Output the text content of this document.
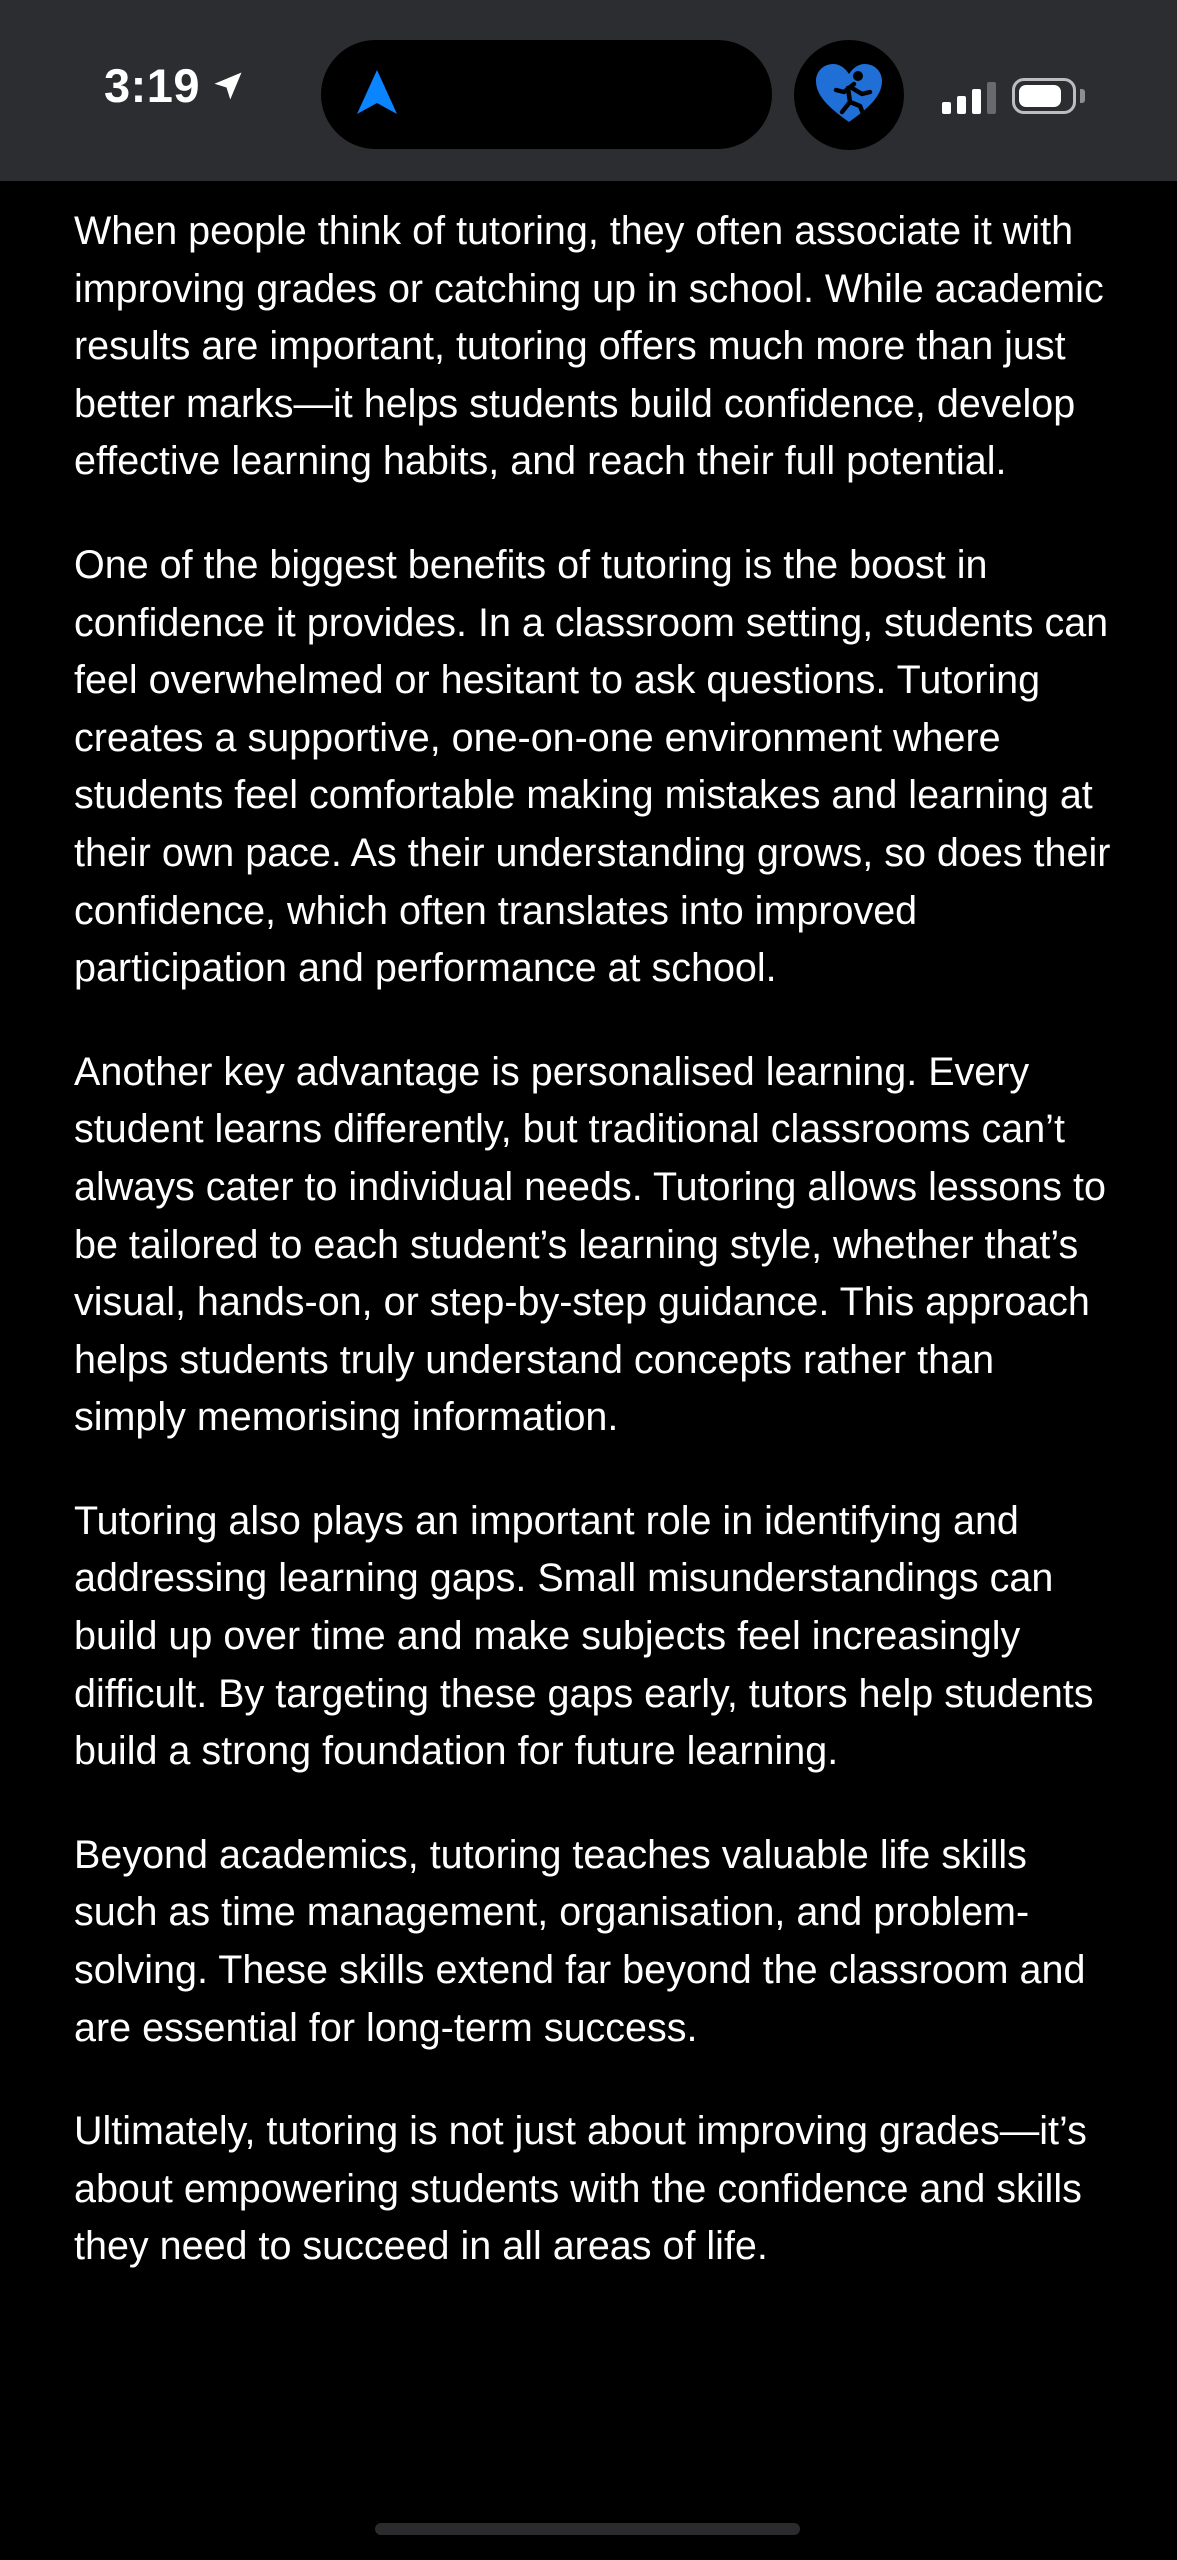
3:19

When people think of tutoring, they often associate it with improving grades or catching up in school. While academic results are important, tutoring offers much more than just better marks—it helps students build confidence, develop effective learning habits, and reach their full potential.

One of the biggest benefits of tutoring is the boost in confidence it provides. In a classroom setting, students can feel overwhelmed or hesitant to ask questions. Tutoring creates a supportive, one-on-one environment where students feel comfortable making mistakes and learning at their own pace. As their understanding grows, so does their confidence, which often translates into improved participation and performance at school.

Another key advantage is personalised learning. Every student learns differently, but traditional classrooms can’t always cater to individual needs. Tutoring allows lessons to be tailored to each student’s learning style, whether that’s visual, hands-on, or step-by-step guidance. This approach helps students truly understand concepts rather than simply memorising information.

Tutoring also plays an important role in identifying and addressing learning gaps. Small misunderstandings can build up over time and make subjects feel increasingly difficult. By targeting these gaps early, tutors help students build a strong foundation for future learning.

Beyond academics, tutoring teaches valuable life skills such as time management, organisation, and problem-solving. These skills extend far beyond the classroom and are essential for long-term success.

Ultimately, tutoring is not just about improving grades—it’s about empowering students with the confidence and skills they need to succeed in all areas of life.
